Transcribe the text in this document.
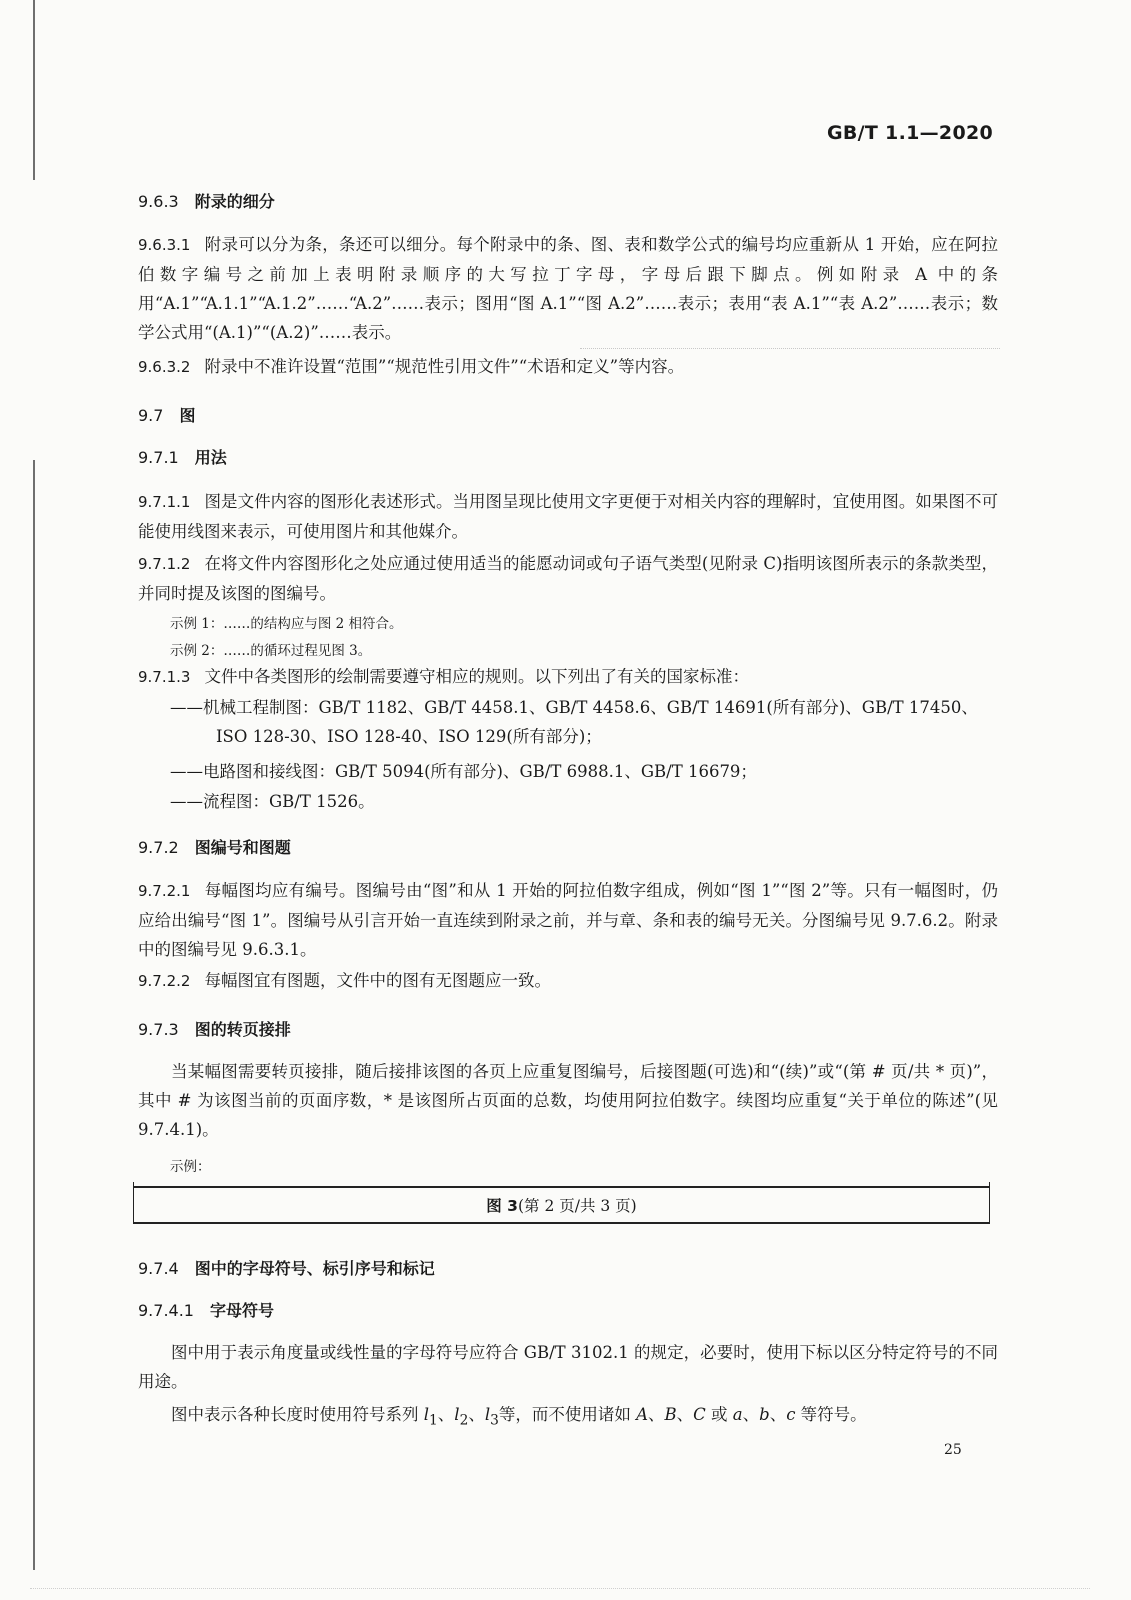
GB/T 1.1—2020
9.6.3 附录的细分
9.6.3.1 附录可以分为条，条还可以细分。每个附录中的条、图、表和数学公式的编号均应重新从 1 开始，应在阿拉伯数字编号之前加上表明附录顺序的大写拉丁字母，字母后跟下脚点。例如附录 A 中的条用“A.1”“A.1.1”“A.1.2”……“A.2”……表示；图用“图 A.1”“图 A.2”……表示；表用“表 A.1”“表 A.2”……表示；数学公式用“(A.1)”“(A.2)”……表示。
9.6.3.2 附录中不准许设置“范围”“规范性引用文件”“术语和定义”等内容。
9.7 图
9.7.1 用法
9.7.1.1 图是文件内容的图形化表述形式。当用图呈现比使用文字更便于对相关内容的理解时，宜使用图。如果图不可能使用线图来表示，可使用图片和其他媒介。
9.7.1.2 在将文件内容图形化之处应通过使用适当的能愿动词或句子语气类型(见附录 C)指明该图所表示的条款类型，并同时提及该图的图编号。
示例 1：……的结构应与图 2 相符合。
示例 2：……的循环过程见图 3。
9.7.1.3 文件中各类图形的绘制需要遵守相应的规则。以下列出了有关的国家标准：
——机械工程制图：GB/T 1182、GB/T 4458.1、GB/T 4458.6、GB/T 14691(所有部分)、GB/T 17450、
ISO 128-30、ISO 128-40、ISO 129(所有部分)；
——电路图和接线图：GB/T 5094(所有部分)、GB/T 6988.1、GB/T 16679；
——流程图：GB/T 1526。
9.7.2 图编号和图题
9.7.2.1 每幅图均应有编号。图编号由“图”和从 1 开始的阿拉伯数字组成，例如“图 1”“图 2”等。只有一幅图时，仍应给出编号“图 1”。图编号从引言开始一直连续到附录之前，并与章、条和表的编号无关。分图编号见 9.7.6.2。附录中的图编号见 9.6.3.1。
9.7.2.2 每幅图宜有图题，文件中的图有无图题应一致。
9.7.3 图的转页接排
当某幅图需要转页接排，随后接排该图的各页上应重复图编号，后接图题(可选)和“(续)”或“(第 # 页/共 * 页)”，其中 # 为该图当前的页面序数，* 是该图所占页面的总数，均使用阿拉伯数字。续图均应重复“关于单位的陈述”(见 9.7.4.1)。
示例：
图 3(第 2 页/共 3 页)
9.7.4 图中的字母符号、标引序号和标记
9.7.4.1 字母符号
图中用于表示角度量或线性量的字母符号应符合 GB/T 3102.1 的规定，必要时，使用下标以区分特定符号的不同用途。
图中表示各种长度时使用符号系列 $l_1$、$l_2$、$l_3$等，而不使用诸如 A、B、C 或 a、b、c 等符号。
25
